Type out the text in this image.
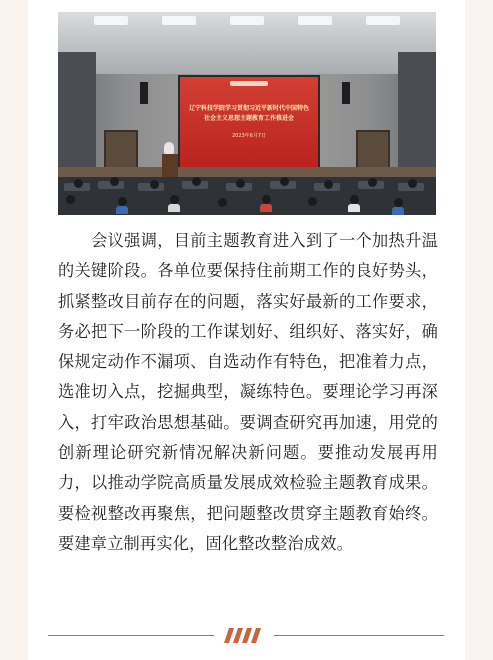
辽宁科技学院学习贯彻习近平新时代中国特色
社会主义思想主题教育工作推进会
2023年6月7日
会议强调，目前主题教育进入到了一个加热升温的关键阶段。各单位要保持住前期工作的良好势头，抓紧整改目前存在的问题，落实好最新的工作要求，务必把下一阶段的工作谋划好、组织好、落实好，确保规定动作不漏项、自选动作有特色，把准着力点，选准切入点，挖掘典型，凝练特色。要理论学习再深入，打牢政治思想基础。要调查研究再加速，用党的创新理论研究新情况解决新问题。要推动发展再用力，以推动学院高质量发展成效检验主题教育成果。要检视整改再聚焦，把问题整改贯穿主题教育始终。要建章立制再实化，固化整改整治成效。
